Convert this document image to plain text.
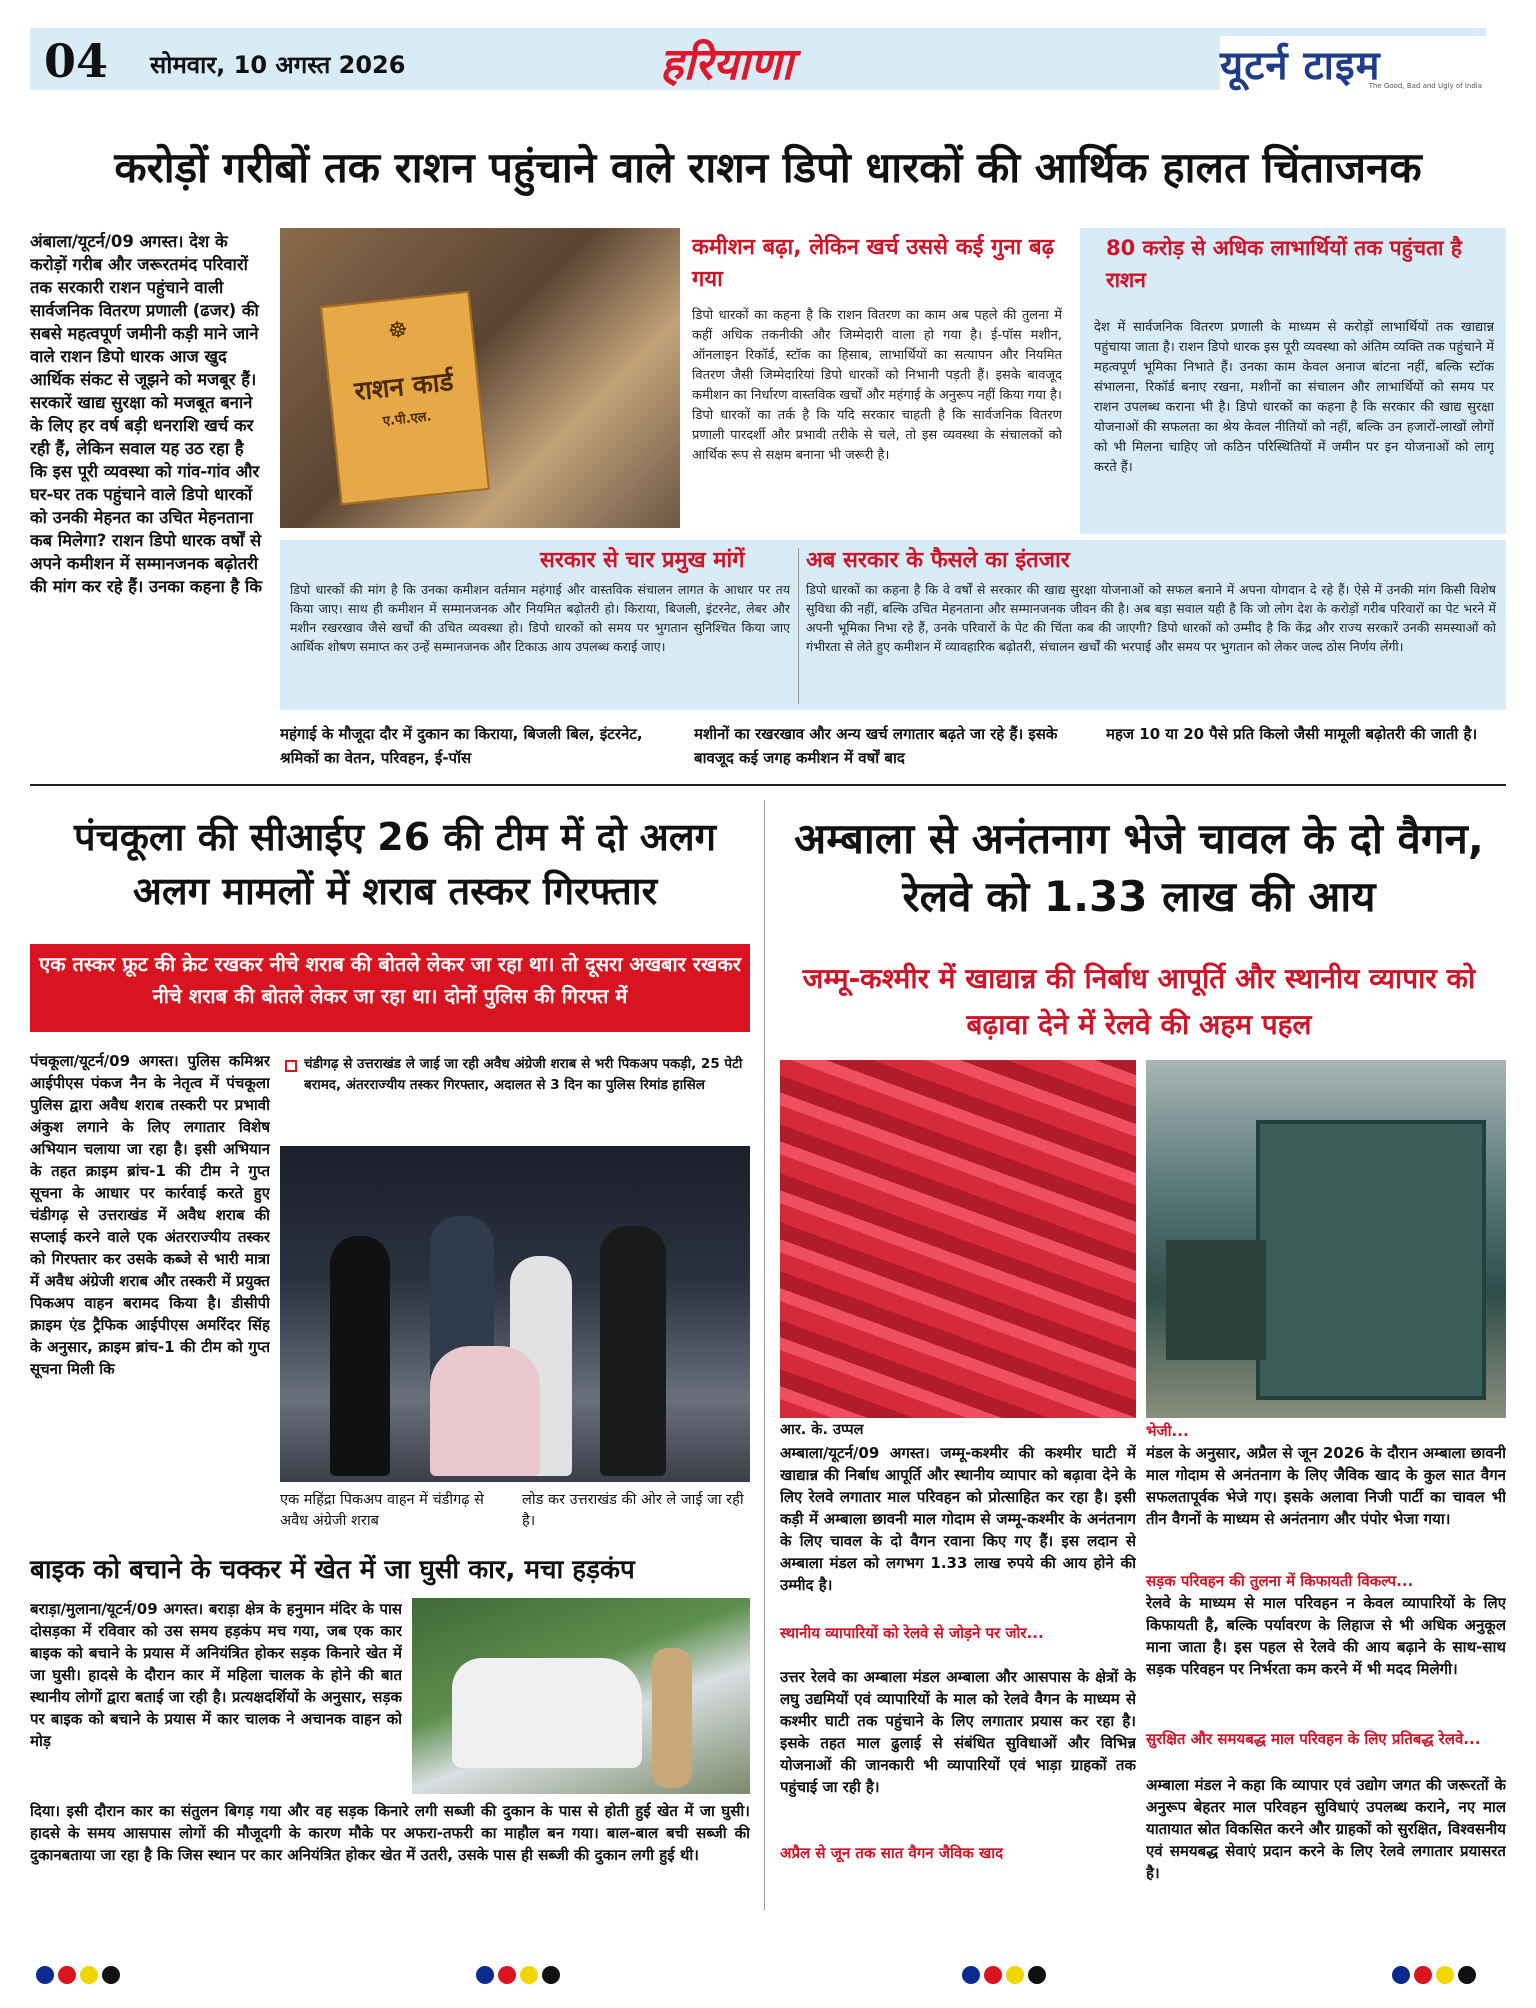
04 सोमवार, 10 अगस्त 2026	हरियाणा	यूटर्न टाइम
The Good, Bad and Ugly of India
करोड़ों गरीबों तक राशन पहुंचाने वाले राशन डिपो धारकों की आर्थिक हालत चिंताजनक
अंबाला/यूटर्न/09 अगस्त। देश के करोड़ों गरीब और जरूरतमंद परिवारों तक सरकारी राशन पहुंचाने वाली सार्वजनिक वितरण प्रणाली (ढजर) की सबसे महत्वपूर्ण जमीनी कड़ी माने जाने वाले राशन डिपो धारक आज खुद आर्थिक संकट से जूझने को मजबूर हैं। सरकारें खाद्य सुरक्षा को मजबूत बनाने के लिए हर वर्ष बड़ी धनराशि खर्च कर रही हैं, लेकिन सवाल यह उठ रहा है कि इस पूरी व्यवस्था को गांव-गांव और घर-घर तक पहुंचाने वाले डिपो धारकों को उनकी मेहनत का उचित मेहनताना कब मिलेगा? राशन डिपो धारक वर्षों से अपने कमीशन में सम्मानजनक बढ़ोतरी की मांग कर रहे हैं। उनका कहना है कि
☸
राशन कार्ड
ए.पी.एल.
कमीशन बढ़ा, लेकिन खर्च उससे कई गुना बढ़ गया
डिपो धारकों का कहना है कि राशन वितरण का काम अब पहले की तुलना में कहीं अधिक तकनीकी और जिम्मेदारी वाला हो गया है। ई-पॉस मशीन, ऑनलाइन रिकॉर्ड, स्टॉक का हिसाब, लाभार्थियों का सत्यापन और नियमित वितरण जैसी जिम्मेदारियां डिपो धारकों को निभानी पड़ती हैं। इसके बावजूद कमीशन का निर्धारण वास्तविक खर्चों और महंगाई के अनुरूप नहीं किया गया है। डिपो धारकों का तर्क है कि यदि सरकार चाहती है कि सार्वजनिक वितरण प्रणाली पारदर्शी और प्रभावी तरीके से चले, तो इस व्यवस्था के संचालकों को आर्थिक रूप से सक्षम बनाना भी जरूरी है।
80 करोड़ से अधिक लाभार्थियों तक पहुंचता है राशन
देश में सार्वजनिक वितरण प्रणाली के माध्यम से करोड़ों लाभार्थियों तक खाद्यान्न पहुंचाया जाता है। राशन डिपो धारक इस पूरी व्यवस्था को अंतिम व्यक्ति तक पहुंचाने में महत्वपूर्ण भूमिका निभाते हैं। उनका काम केवल अनाज बांटना नहीं, बल्कि स्टॉक संभालना, रिकॉर्ड बनाए रखना, मशीनों का संचालन और लाभार्थियों को समय पर राशन उपलब्ध कराना भी है। डिपो धारकों का कहना है कि सरकार की खाद्य सुरक्षा योजनाओं की सफलता का श्रेय केवल नीतियों को नहीं, बल्कि उन हजारों-लाखों लोगों को भी मिलना चाहिए जो कठिन परिस्थितियों में जमीन पर इन योजनाओं को लागू करते हैं।
सरकार से चार प्रमुख मांगें
डिपो धारकों की मांग है कि उनका कमीशन वर्तमान महंगाई और वास्तविक संचालन लागत के आधार पर तय किया जाए। साथ ही कमीशन में सम्मानजनक और नियमित बढ़ोतरी हो। किराया, बिजली, इंटरनेट, लेबर और मशीन रखरखाव जैसे खर्चों की उचित व्यवस्था हो। डिपो धारकों को समय पर भुगतान सुनिश्चित किया जाए आर्थिक शोषण समाप्त कर उन्हें सम्मानजनक और टिकाऊ आय उपलब्ध कराई जाए।
अब सरकार के फैसले का इंतजार
डिपो धारकों का कहना है कि वे वर्षों से सरकार की खाद्य सुरक्षा योजनाओं को सफल बनाने में अपना योगदान दे रहे हैं। ऐसे में उनकी मांग किसी विशेष सुविधा की नहीं, बल्कि उचित मेहनताना और सम्मानजनक जीवन की है। अब बड़ा सवाल यही है कि जो लोग देश के करोड़ों गरीब परिवारों का पेट भरने में अपनी भूमिका निभा रहे हैं, उनके परिवारों के पेट की चिंता कब की जाएगी? डिपो धारकों को उम्मीद है कि केंद्र और राज्य सरकारें उनकी समस्याओं को गंभीरता से लेते हुए कमीशन में व्यावहारिक बढ़ोतरी, संचालन खर्चों की भरपाई और समय पर भुगतान को लेकर जल्द ठोस निर्णय लेंगी।
महंगाई के मौजूदा दौर में दुकान का किराया, बिजली बिल, इंटरनेट, श्रमिकों का वेतन, परिवहन, ई-पॉस
मशीनों का रखरखाव और अन्य खर्च लगातार बढ़ते जा रहे हैं। इसके बावजूद कई जगह कमीशन में वर्षों बाद
महज 10 या 20 पैसे प्रति किलो जैसी मामूली बढ़ोतरी की जाती है।
पंचकूला की सीआईए 26 की टीम में दो अलग अलग मामलों में शराब तस्कर गिरफ्तार
एक तस्कर फ्रूट की क्रेट रखकर नीचे शराब की बोतले लेकर जा रहा था। तो दूसरा अखबार रखकर नीचे शराब की बोतले लेकर जा रहा था। दोनों पुलिस की गिरफ्त में
पंचकूला/यूटर्न/09 अगस्त। पुलिस कमिश्नर आईपीएस पंकज नैन के नेतृत्व में पंचकूला पुलिस द्वारा अवैध शराब तस्करी पर प्रभावी अंकुश लगाने के लिए लगातार विशेष अभियान चलाया जा रहा है। इसी अभियान के तहत क्राइम ब्रांच-1 की टीम ने गुप्त सूचना के आधार पर कार्रवाई करते हुए चंडीगढ़ से उत्तराखंड में अवैध शराब की सप्लाई करने वाले एक अंतरराज्यीय तस्कर को गिरफ्तार कर उसके कब्जे से भारी मात्रा में अवैध अंग्रेजी शराब और तस्करी में प्रयुक्त पिकअप वाहन बरामद किया है। डीसीपी क्राइम एंड ट्रैफिक आईपीएस अमरिंदर सिंह के अनुसार, क्राइम ब्रांच-1 की टीम को गुप्त सूचना मिली कि
चंडीगढ़ से उत्तराखंड ले जाई जा रही अवैध अंग्रेजी शराब से भरी पिकअप पकड़ी, 25 पेटी बरामद, अंतरराज्यीय तस्कर गिरफ्तार, अदालत से 3 दिन का पुलिस रिमांड हासिल
एक महिंद्रा पिकअप वाहन में चंडीगढ़ से अवैध अंग्रेजी शराब
लोड कर उत्तराखंड की ओर ले जाई जा रही है।
बाइक को बचाने के चक्कर में खेत में जा घुसी कार, मचा हड़कंप
बराड़ा/मुलाना/यूटर्न/09 अगस्त। बराड़ा क्षेत्र के हनुमान मंदिर के पास दोसड़का में रविवार को उस समय हड़कंप मच गया, जब एक कार बाइक को बचाने के प्रयास में अनियंत्रित होकर सड़क किनारे खेत में जा घुसी। हादसे के दौरान कार में महिला चालक के होने की बात स्थानीय लोगों द्वारा बताई जा रही है। प्रत्यक्षदर्शियों के अनुसार, सड़क पर बाइक को बचाने के प्रयास में कार चालक ने अचानक वाहन को मोड़
दिया। इसी दौरान कार का संतुलन बिगड़ गया और वह सड़क किनारे लगी सब्जी की दुकान के पास से होती हुई खेत में जा घुसी। हादसे के समय आसपास लोगों की मौजूदगी के कारण मौके पर अफरा-तफरी का माहौल बन गया। बाल-बाल बची सब्जी की दुकानबताया जा रहा है कि जिस स्थान पर कार अनियंत्रित होकर खेत में उतरी, उसके पास ही सब्जी की दुकान लगी हुई थी।
अम्बाला से अनंतनाग भेजे चावल के दो वैगन, रेलवे को 1.33 लाख की आय
जम्मू-कश्मीर में खाद्यान्न की निर्बाध आपूर्ति और स्थानीय व्यापार को बढ़ावा देने में रेलवे की अहम पहल
आर. के. उप्पल
अम्बाला/यूटर्न/09 अगस्त। जम्मू-कश्मीर की कश्मीर घाटी में खाद्यान्न की निर्बाध आपूर्ति और स्थानीय व्यापार को बढ़ावा देने के लिए रेलवे लगातार माल परिवहन को प्रोत्साहित कर रहा है। इसी कड़ी में अम्बाला छावनी माल गोदाम से जम्मू-कश्मीर के अनंतनाग के लिए चावल के दो वैगन रवाना किए गए हैं। इस लदान से अम्बाला मंडल को लगभग 1.33 लाख रुपये की आय होने की उम्मीद है।
स्थानीय व्यापारियों को रेलवे से जोड़ने पर जोर...
उत्तर रेलवे का अम्बाला मंडल अम्बाला और आसपास के क्षेत्रों के लघु उद्यमियों एवं व्यापारियों के माल को रेलवे वैगन के माध्यम से कश्मीर घाटी तक पहुंचाने के लिए लगातार प्रयास कर रहा है। इसके तहत माल ढुलाई से संबंधित सुविधाओं और विभिन्न योजनाओं की जानकारी भी व्यापारियों एवं भाड़ा ग्राहकों तक पहुंचाई जा रही है।
अप्रैल से जून तक सात वैगन जैविक खाद
भेजी...
मंडल के अनुसार, अप्रैल से जून 2026 के दौरान अम्बाला छावनी माल गोदाम से अनंतनाग के लिए जैविक खाद के कुल सात वैगन सफलतापूर्वक भेजे गए। इसके अलावा निजी पार्टी का चावल भी तीन वैगनों के माध्यम से अनंतनाग और पंपोर भेजा गया।
सड़क परिवहन की तुलना में किफायती विकल्प...
रेलवे के माध्यम से माल परिवहन न केवल व्यापारियों के लिए किफायती है, बल्कि पर्यावरण के लिहाज से भी अधिक अनुकूल माना जाता है। इस पहल से रेलवे की आय बढ़ाने के साथ-साथ सड़क परिवहन पर निर्भरता कम करने में भी मदद मिलेगी।
सुरक्षित और समयबद्ध माल परिवहन के लिए प्रतिबद्ध रेलवे...
अम्बाला मंडल ने कहा कि व्यापार एवं उद्योग जगत की जरूरतों के अनुरूप बेहतर माल परिवहन सुविधाएं उपलब्ध कराने, नए माल यातायात स्रोत विकसित करने और ग्राहकों को सुरक्षित, विश्वसनीय एवं समयबद्ध सेवाएं प्रदान करने के लिए रेलवे लगातार प्रयासरत है।
